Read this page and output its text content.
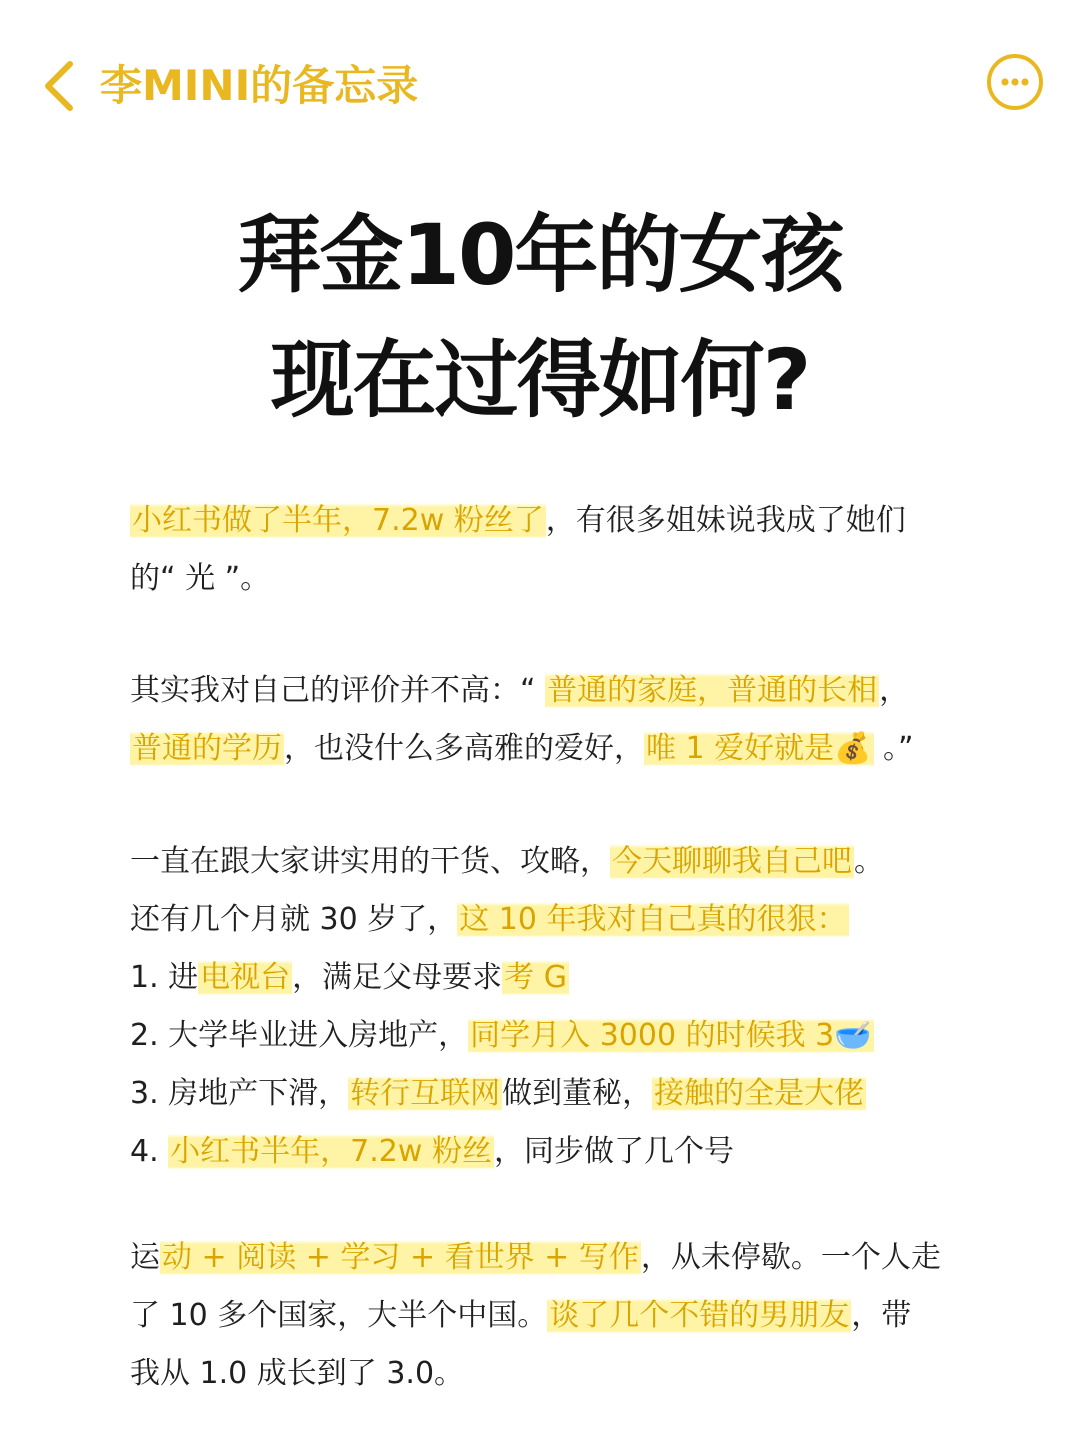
李MINI的备忘录
拜金10年的女孩
现在过得如何?
小红书做了半年，7.2w 粉丝了，有很多姐妹说我成了她们
的“ 光 ”。
其实我对自己的评价并不高：“ 普通的家庭，普通的长相，
普通的学历，也没什么多高雅的爱好，唯 1 爱好就是💰 。”
一直在跟大家讲实用的干货、攻略，今天聊聊我自己吧。
还有几个月就 30 岁了，这 10 年我对自己真的很狠：
1. 进电视台，满足父母要求考 G
2. 大学毕业进入房地产，同学月入 3000 的时候我 3🥣
3. 房地产下滑，转行互联网做到董秘，接触的全是大佬
4. 小红书半年，7.2w 粉丝，同步做了几个号
运动 + 阅读 + 学习 + 看世界 + 写作，从未停歇。一个人走
了 10 多个国家，大半个中国。谈了几个不错的男朋友，带
我从 1.0 成长到了 3.0。
